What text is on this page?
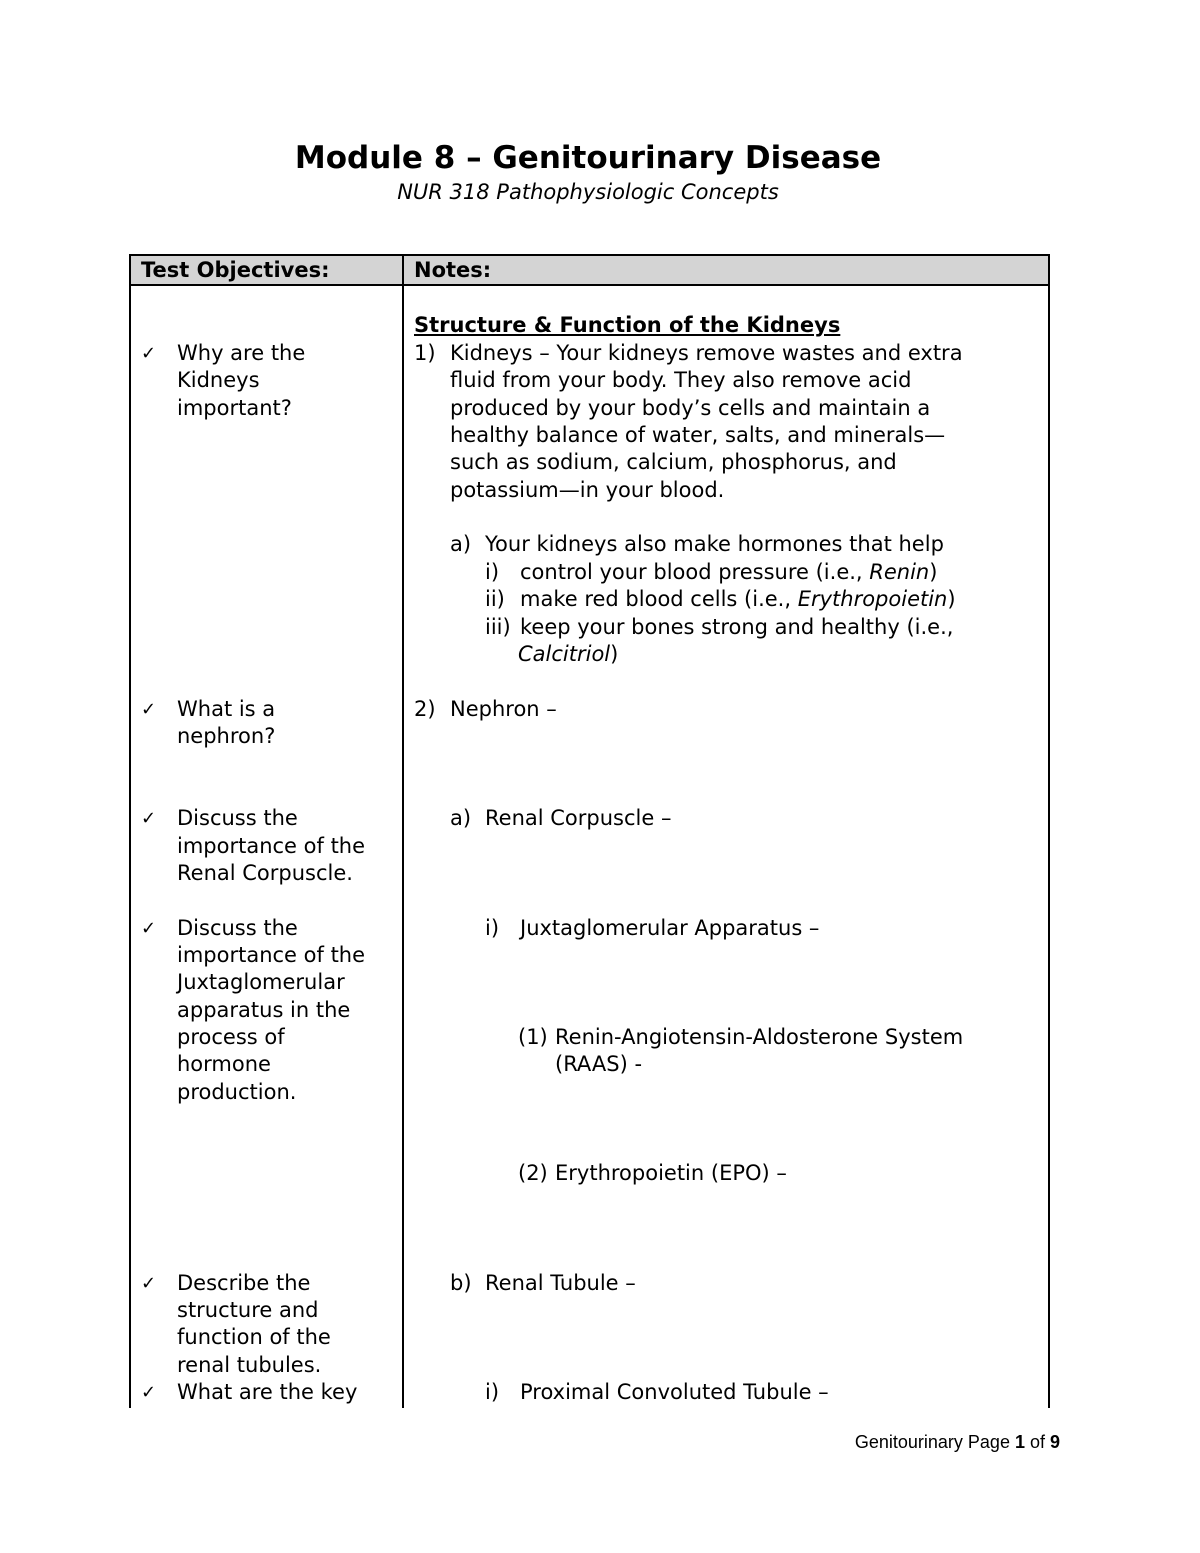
Module 8 – Genitourinary Disease
NUR 318 Pathophysiologic Concepts
Test Objectives:	Notes:
✓ Why are the
Kidneys
important?
✓ What is a
nephron?
✓ Discuss the
importance of the
Renal Corpuscle.
✓ Discuss the
importance of the
Juxtaglomerular
apparatus in the
process of
hormone
production.
✓ Describe the
structure and
function of the
renal tubules.
✓ What are the key
Structure & Function of the Kidneys
1) Kidneys – Your kidneys remove wastes and extra
fluid from your body. They also remove acid
produced by your body’s cells and maintain a
healthy balance of water, salts, and minerals—
such as sodium, calcium, phosphorus, and
potassium—in your blood.
a) Your kidneys also make hormones that help
i) control your blood pressure (i.e., Renin)
ii) make red blood cells (i.e., Erythropoietin)
iii) keep your bones strong and healthy (i.e.,
Calcitriol)
2) Nephron –
a) Renal Corpuscle –
i) Juxtaglomerular Apparatus –
(1) Renin-Angiotensin-Aldosterone System
(RAAS) -
(2) Erythropoietin (EPO) –
b) Renal Tubule –
i) Proximal Convoluted Tubule –
Genitourinary Page 1 of 9
